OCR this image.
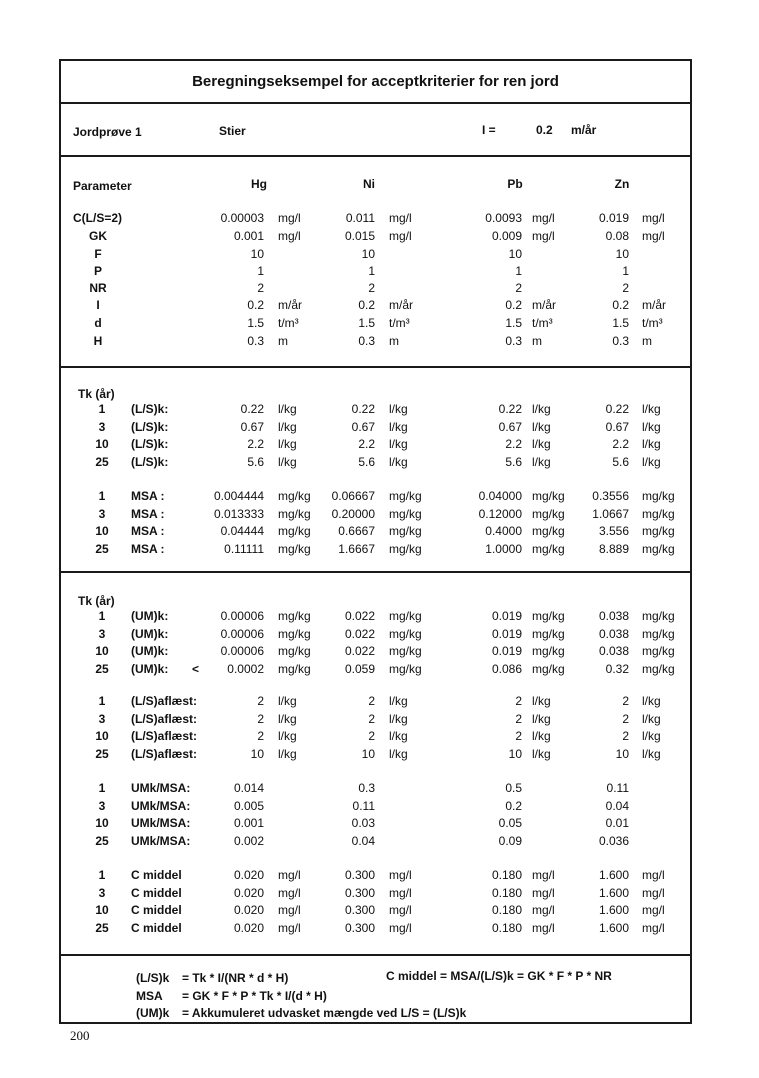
Beregningseksempel for acceptkriterier for ren jord
Jordprøve 1	Stier	I =	0.2 m/år
Parameter	Hg	Ni	Pb	Zn
C(L/S=2)	0.00003 mg/l	0.011 mg/l	0.0093 mg/l	0.019 mg/l
GK	0.001 mg/l	0.015 mg/l	0.009 mg/l	0.08 mg/l
F	10	10	10	10
P	1	1	1	1
NR	2	2	2	2
I	0.2 m/år	0.2 m/år	0.2 m/år	0.2 m/år
d	1.5 t/m³	1.5 t/m³	1.5 t/m³	1.5 t/m³
H	0.3 m	0.3 m	0.3 m	0.3 m
Tk (år)
1	(L/S)k:	0.22 l/kg	0.22 l/kg	0.22 l/kg	0.22 l/kg
3	(L/S)k:	0.67 l/kg	0.67 l/kg	0.67 l/kg	0.67 l/kg
10	(L/S)k:	2.2 l/kg	2.2 l/kg	2.2 l/kg	2.2 l/kg
25	(L/S)k:	5.6 l/kg	5.6 l/kg	5.6 l/kg	5.6 l/kg
1	MSA :	0.004444 mg/kg 0.06667 mg/kg	0.04000 mg/kg 0.3556 mg/kg
3	MSA :	0.013333 mg/kg 0.20000 mg/kg	0.12000 mg/kg 1.0667 mg/kg
10	MSA :	0.04444 mg/kg 0.6667 mg/kg	0.4000 mg/kg	3.556 mg/kg
25	MSA :	0.11111 mg/kg 1.6667 mg/kg	1.0000 mg/kg	8.889 mg/kg
Tk (år)
1	(UM)k:	0.00006 mg/kg	0.022 mg/kg	0.019 mg/kg	0.038 mg/kg
3	(UM)k:	0.00006 mg/kg	0.022 mg/kg	0.019 mg/kg	0.038 mg/kg
10	(UM)k:	0.00006 mg/kg	0.022 mg/kg	0.019 mg/kg	0.038 mg/kg
25	(UM)k: < 0.0002 mg/kg	0.059 mg/kg	0.086 mg/kg	0.32 mg/kg
1	(L/S)aflæst:	2 l/kg	2 l/kg	2 l/kg	2 l/kg
3	(L/S)aflæst:	2 l/kg	2 l/kg	2 l/kg	2 l/kg
10	(L/S)aflæst:	2 l/kg	2 l/kg	2 l/kg	2 l/kg
25	(L/S)aflæst:	10 l/kg	10 l/kg	10 l/kg	10 l/kg
1	UMk/MSA:	0.014	0.3	0.5	0.11
3	UMk/MSA:	0.005	0.11	0.2	0.04
10	UMk/MSA:	0.001	0.03	0.05	0.01
25	UMk/MSA:	0.002	0.04	0.09	0.036
1	C middel	0.020 mg/l	0.300 mg/l	0.180 mg/l	1.600 mg/l
3	C middel	0.020 mg/l	0.300 mg/l	0.180 mg/l	1.600 mg/l
10	C middel	0.020 mg/l	0.300 mg/l	0.180 mg/l	1.600 mg/l
25	C middel	0.020 mg/l	0.300 mg/l	0.180 mg/l	1.600 mg/l
(L/S)k = Tk * I/(NR * d * H)
MSA = GK * F * P * Tk * I/(d * H)
(UM)k = Akkumuleret udvasket mængde ved L/S = (L/S)k
C middel = MSA/(L/S)k = GK * F * P * NR
200
